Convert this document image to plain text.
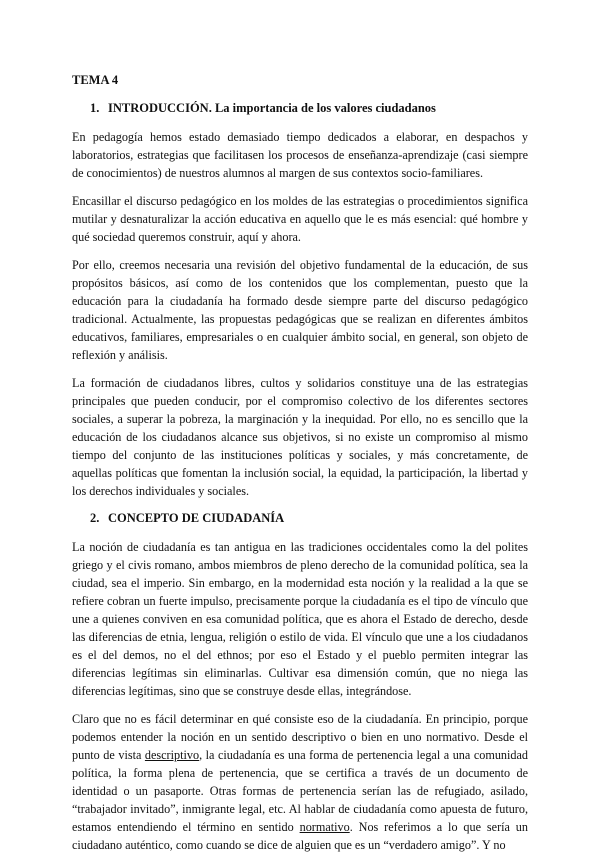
TEMA 4
1. INTRODUCCIÓN. La importancia de los valores ciudadanos

En pedagogía hemos estado demasiado tiempo dedicados a elaborar, en despachos y laboratorios, estrategias que facilitasen los procesos de enseñanza-aprendizaje (casi siempre de conocimientos) de nuestros alumnos al margen de sus contextos socio-familiares.

Encasillar el discurso pedagógico en los moldes de las estrategias o procedimientos significa mutilar y desnaturalizar la acción educativa en aquello que le es más esencial: qué hombre y qué sociedad queremos construir, aquí y ahora.

Por ello, creemos necesaria una revisión del objetivo fundamental de la educación, de sus propósitos básicos, así como de los contenidos que los complementan, puesto que la educación para la ciudadanía ha formado desde siempre parte del discurso pedagógico tradicional. Actualmente, las propuestas pedagógicas que se realizan en diferentes ámbitos educativos, familiares, empresariales o en cualquier ámbito social, en general, son objeto de reflexión y análisis.

La formación de ciudadanos libres, cultos y solidarios constituye una de las estrategias principales que pueden conducir, por el compromiso colectivo de los diferentes sectores sociales, a superar la pobreza, la marginación y la inequidad. Por ello, no es sencillo que la educación de los ciudadanos alcance sus objetivos, si no existe un compromiso al mismo tiempo del conjunto de las instituciones políticas y sociales, y más concretamente, de aquellas políticas que fomentan la inclusión social, la equidad, la participación, la libertad y los derechos individuales y sociales.

2. CONCEPTO DE CIUDADANÍA

La noción de ciudadanía es tan antigua en las tradiciones occidentales como la del polites griego y el civis romano, ambos miembros de pleno derecho de la comunidad política, sea la ciudad, sea el imperio. Sin embargo, en la modernidad esta noción y la realidad a la que se refiere cobran un fuerte impulso, precisamente porque la ciudadanía es el tipo de vínculo que une a quienes conviven en esa comunidad política, que es ahora el Estado de derecho, desde las diferencias de etnia, lengua, religión o estilo de vida. El vínculo que une a los ciudadanos es el del demos, no el del ethnos; por eso el Estado y el pueblo permiten integrar las diferencias legítimas sin eliminarlas. Cultivar esa dimensión común, que no niega las diferencias legítimas, sino que se construye desde ellas, integrándose.

Claro que no es fácil determinar en qué consiste eso de la ciudadanía. En principio, porque podemos entender la noción en un sentido descriptivo o bien en uno normativo. Desde el punto de vista descriptivo, la ciudadanía es una forma de pertenencia legal a una comunidad política, la forma plena de pertenencia, que se certifica a través de un documento de identidad o un pasaporte. Otras formas de pertenencia serían las de refugiado, asilado, “trabajador invitado”, inmigrante legal, etc. Al hablar de ciudadanía como apuesta de futuro, estamos entendiendo el término en sentido normativo. Nos referimos a lo que sería un ciudadano auténtico, como cuando se dice de alguien que es un “verdadero amigo”. Y no
